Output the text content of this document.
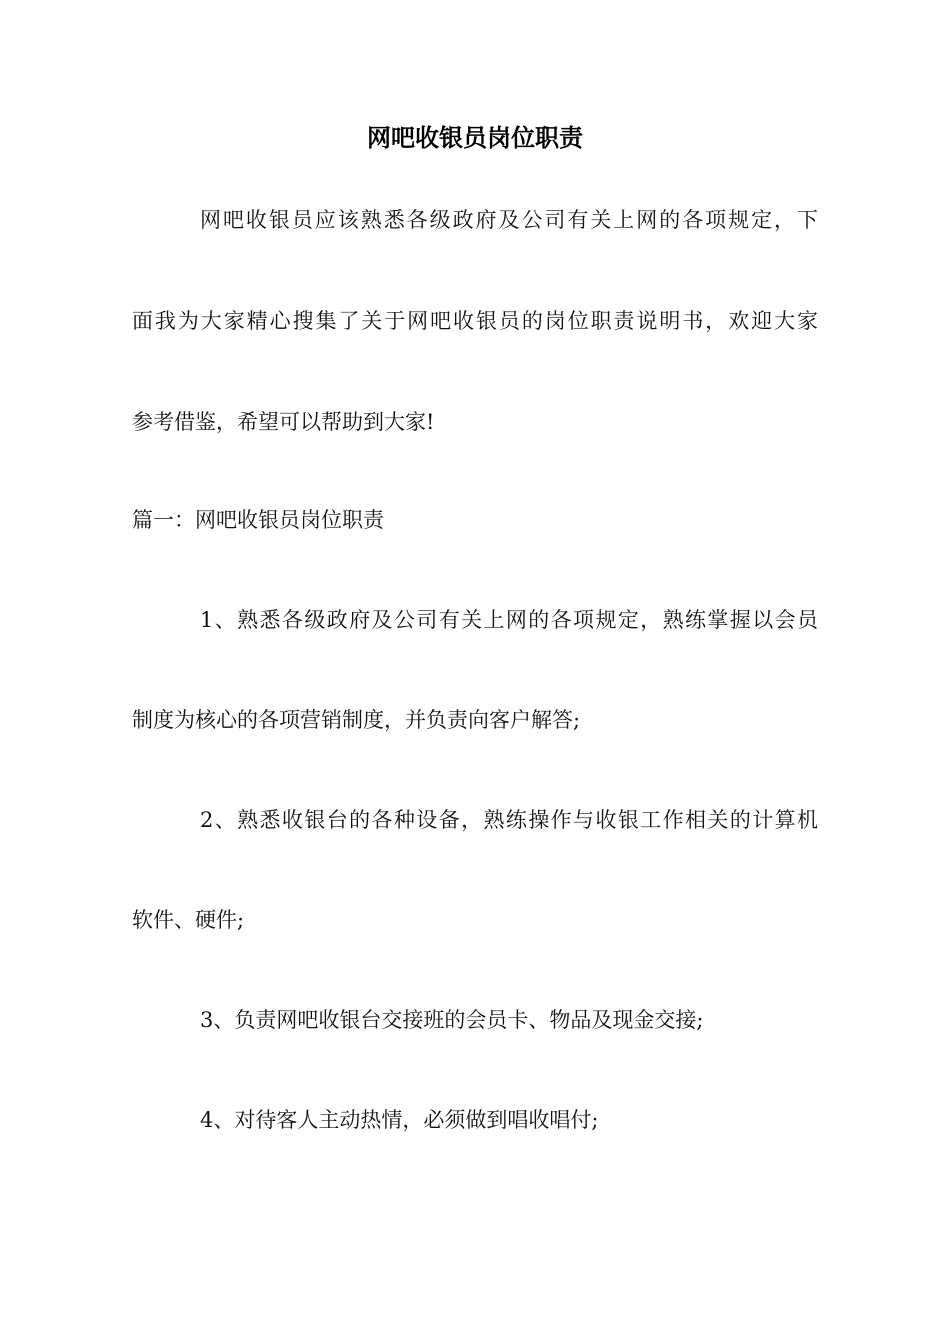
网吧收银员岗位职责

网吧收银员应该熟悉各级政府及公司有关上网的各项规定，下

面我为大家精心搜集了关于网吧收银员的岗位职责说明书，欢迎大家

参考借鉴，希望可以帮助到大家!

篇一：网吧收银员岗位职责

1、熟悉各级政府及公司有关上网的各项规定，熟练掌握以会员

制度为核心的各项营销制度，并负责向客户解答;

2、熟悉收银台的各种设备，熟练操作与收银工作相关的计算机

软件、硬件;

3、负责网吧收银台交接班的会员卡、物品及现金交接;

4、对待客人主动热情，必须做到唱收唱付;
